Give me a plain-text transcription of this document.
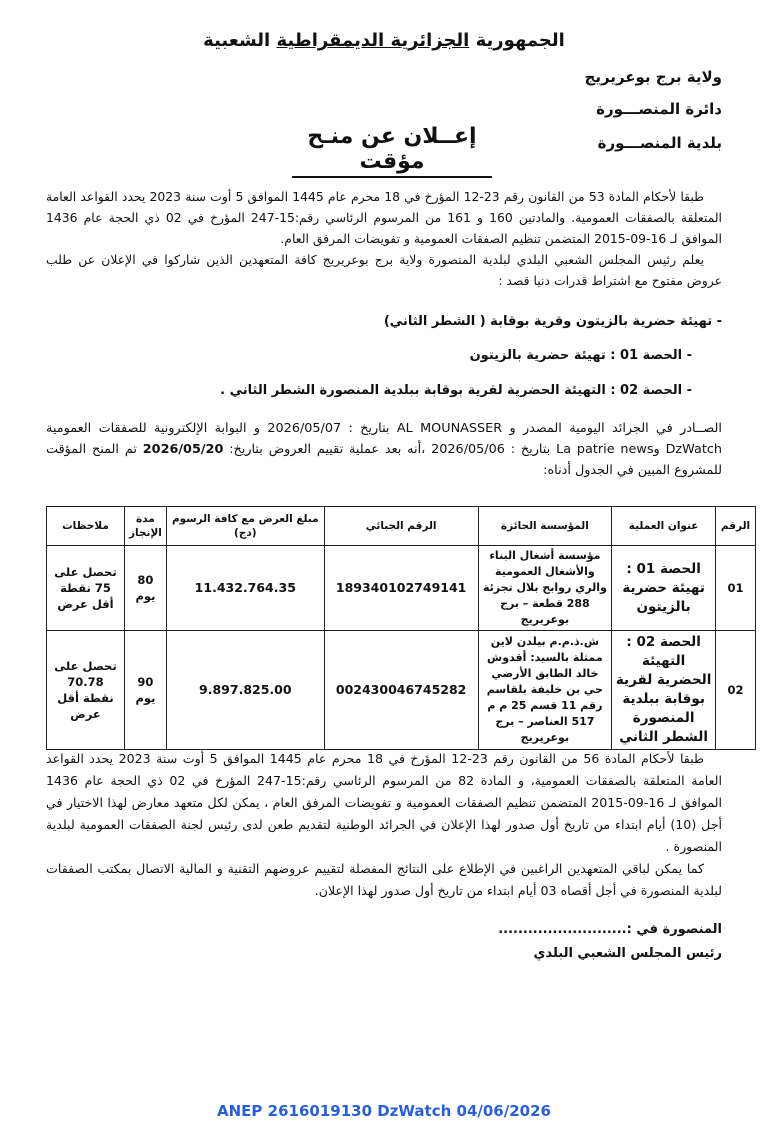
الجمهورية الجزائرية الديمقراطية الشعبية
ولاية برج بوعريريج
دائرة المنصـــورة
بلدية المنصـــورة
إعــلان عن منـح مؤقت

طبقا لأحكام المادة 53 من القانون رقم 23-12 المؤرخ في 18 محرم عام 1445 الموافق 5 أوت سنة 2023 يحدد القواعد العامة المتعلقة بالصفقات العمومية. والمادتين 160 و 161 من المرسوم الرئاسي رقم:15-247 المؤرخ في 02 ذي الحجة عام 1436 الموافق لـ 16-09-2015 المتضمن تنظيم الصفقات العمومية و تفويضات المرفق العام.

يعلم رئيس المجلس الشعبي البلدي لبلدية المنصورة ولاية برج بوعريريج كافة المتعهدين الذين شاركوا في الإعلان عن طلب عروض مفتوح مع اشتراط قدرات دنيا قصد :

- تهيئة حضرية بالزيتون وقرية بوقابة ( الشطر الثاني)
- الحصة 01 : تهيئة حضرية بالزيتون
- الحصة 02 : التهيئة الحضرية لقرية بوقابة ببلدية المنصورة الشطر الثاني .

الصــادر في الجرائد اليومية المصدر و AL MOUNASSER بتاريخ : 2026/05/07 و البوابة الإلكترونية للصفقات العمومية DzWatch وLa patrie news بتاريخ : 2026/05/06 ،أنه بعد عملية تقييم العروض بتاريخ: 2026/05/20 تم المنح المؤقت للمشروع المبين في الجدول أدناه:

الرقم	عنوان العملية	المؤسسة الحائزة	الرقم الجبائي	مبلغ العرض مع كافة الرسوم (دج)	مدة الإنجاز	ملاحظات
01	الحصة 01 : تهيئة حضرية بالزيتون	مؤسسة أشغال البناء والأشغال العمومية والري روابح بلال تجزئة 288 قطعة – برج بوعريريج	189340102749141	11.432.764.35	80 يوم	تحصل على 75 نقطة أقل عرض
02	الحصة 02 : التهيئة الحضرية لقرية بوقابة ببلدية المنصورة الشطر الثاني	ش.ذ.م.م بيلدن لاين ممثلة بالسيد: أقدوش خالد الطابق الأرضي حي بن خليفة بلقاسم رقم 11 قسم 25 م م 517 العناصر – برج بوعريريج	002430046745282	9.897.825.00	90 يوم	تحصل على 70.78 نقطة أقل عرض

طبقا لأحكام المادة 56 من القانون رقم 23-12 المؤرخ في 18 محرم عام 1445 الموافق 5 أوت سنة 2023 يحدد القواعد العامة المتعلقة بالصفقات العمومية، و المادة 82 من المرسوم الرئاسي رقم:15-247 المؤرخ في 02 ذي الحجة عام 1436 الموافق لـ 16-09-2015 المتضمن تنظيم الصفقات العمومية و تفويضات المرفق العام ، يمكن لكل متعهد معارض لهذا الاختيار في أجل (10) أيام ابتداء من تاريخ أول صدور لهذا الإعلان في الجرائد الوطنية لتقديم طعن لدى رئيس لجنة الصفقات العمومية لبلدية المنصورة .

كما يمكن لباقي المتعهدين الراغبين في الإطلاع على النتائج المفصلة لتقييم عروضهم التقنية و المالية الاتصال بمكتب الصفقات لبلدية المنصورة في أجل أقصاه 03 أيام ابتداء من تاريخ أول صدور لهذا الإعلان.

المنصورة في :..........................
رئيس المجلس الشعبي البلدي
ANEP 2616019130 DzWatch 04/06/2026
